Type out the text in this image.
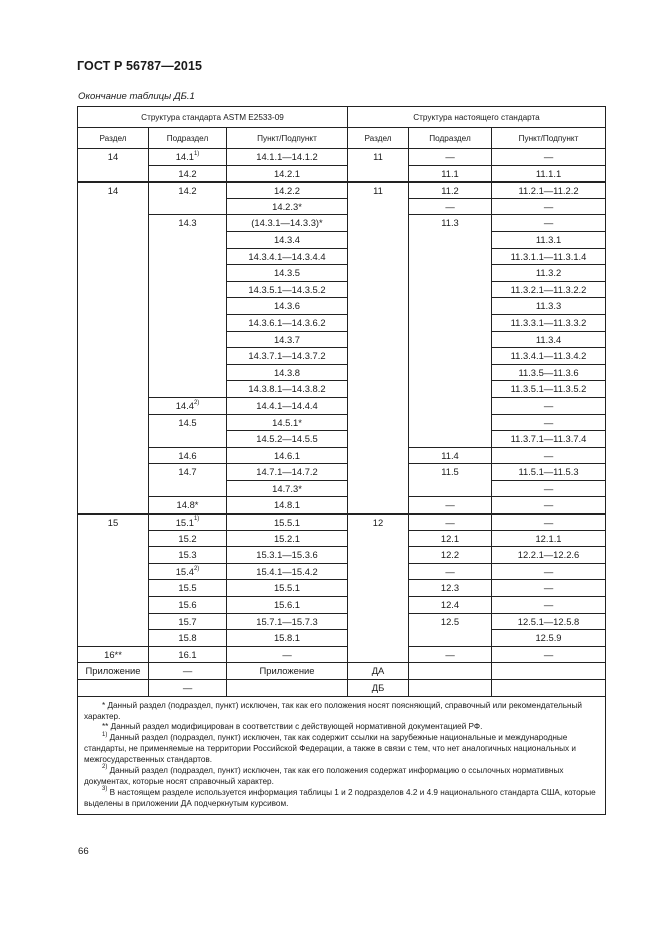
ГОСТ Р 56787—2015
Окончание таблицы ДБ.1
Структура стандарта ASTM E2533-09			Структура настоящего стандарта		
Раздел	Подраздел	Пункт/Подпункт	Раздел	Подраздел	Пункт/Подпункт
14	14.1$^{1)}$	14.1.1—14.1.2	11	—	—
	14.2	14.2.1		11.1	11.1.1
14	14.2	14.2.2	11	11.2	11.2.1—11.2.2
		14.2.3*		—	—
	14.3	(14.3.1—14.3.3)*		11.3	—
		14.3.4			11.3.1
		14.3.4.1—14.3.4.4			11.3.1.1—11.3.1.4
		14.3.5			11.3.2
		14.3.5.1—14.3.5.2			11.3.2.1—11.3.2.2
		14.3.6			11.3.3
		14.3.6.1—14.3.6.2			11.3.3.1—11.3.3.2
		14.3.7			11.3.4
		14.3.7.1—14.3.7.2			11.3.4.1—11.3.4.2
		14.3.8			11.3.5—11.3.6
		14.3.8.1—14.3.8.2			11.3.5.1—11.3.5.2
	14.4$^{2)}$	14.4.1—14.4.4			—
	14.5	14.5.1*			—
		14.5.2—14.5.5			11.3.7.1—11.3.7.4
	14.6	14.6.1		11.4	—
	14.7	14.7.1—14.7.2		11.5	11.5.1—11.5.3
		14.7.3*			—
	14.8*	14.8.1		—	—
15	15.1$^{1)}$	15.5.1	12	—	—
	15.2	15.2.1		12.1	12.1.1
	15.3	15.3.1—15.3.6		12.2	12.2.1—12.2.6
	15.4$^{2)}$	15.4.1—15.4.2		—	—
	15.5	15.5.1		12.3	—
	15.6	15.6.1		12.4	—
	15.7	15.7.1—15.7.3		12.5	12.5.1—12.5.8
	15.8	15.8.1			12.5.9
16**	16.1	—		—	—
Приложение	—	Приложение	ДА		
	—		ДБ		

* Данный раздел (подраздел, пункт) исключен, так как его положения носят поясняющий, справочный или рекомендательный характер.

** Данный раздел модифицирован в соответствии с действующей нормативной документацией РФ.

$^{1)}$ Данный раздел (подраздел, пункт) исключен, так как содержит ссылки на зарубежные национальные и международные стандарты, не применяемые на территории Российской Федерации, а также в связи с тем, что нет аналогичных национальных и межгосударственных стандартов.

$^{2)}$ Данный раздел (подраздел, пункт) исключен, так как его положения содержат информацию о ссылочных нормативных документах, которые носят справочный характер.

$^{3)}$ В настоящем разделе используется информация таблицы 1 и 2 подразделов 4.2 и 4.9 национального стандарта США, которые выделены в приложении ДА подчеркнутым курсивом.					

66
